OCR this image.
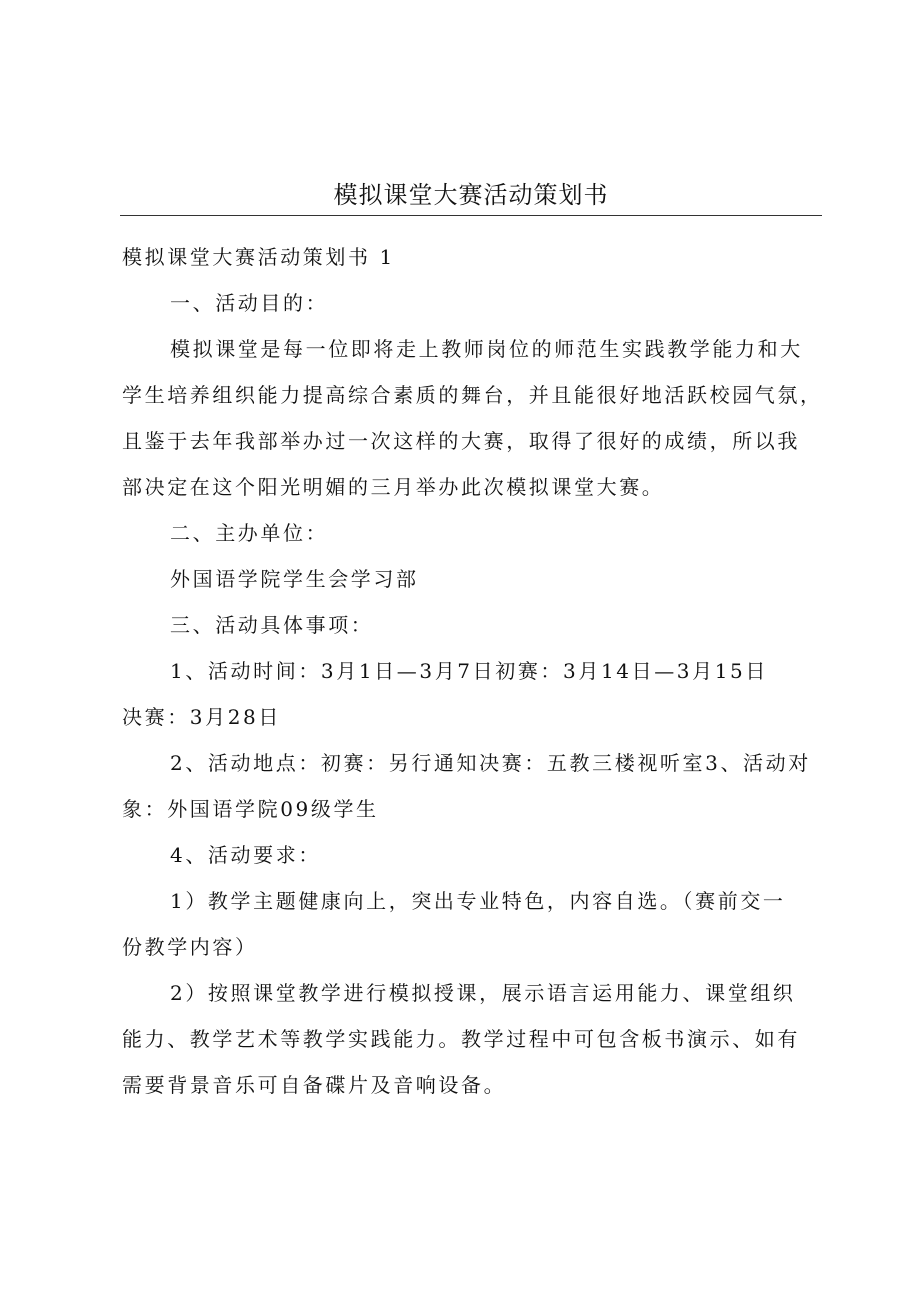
模拟课堂大赛活动策划书

模拟课堂大赛活动策划书 1

一、活动目的：

模拟课堂是每一位即将走上教师岗位的师范生实践教学能力和大

学生培养组织能力提高综合素质的舞台，并且能很好地活跃校园气氛，

且鉴于去年我部举办过一次这样的大赛，取得了很好的成绩，所以我

部决定在这个阳光明媚的三月举办此次模拟课堂大赛。

二、主办单位：

外国语学院学生会学习部

三、活动具体事项：

1、活动时间：3月1日—3月7日初赛：3月14日—3月15日

决赛：3月28日

2、活动地点：初赛：另行通知决赛：五教三楼视听室3、活动对

象：外国语学院09级学生

4、活动要求：

1）教学主题健康向上，突出专业特色，内容自选。（赛前交一

份教学内容）

2）按照课堂教学进行模拟授课，展示语言运用能力、课堂组织

能力、教学艺术等教学实践能力。教学过程中可包含板书演示、如有

需要背景音乐可自备碟片及音响设备。
